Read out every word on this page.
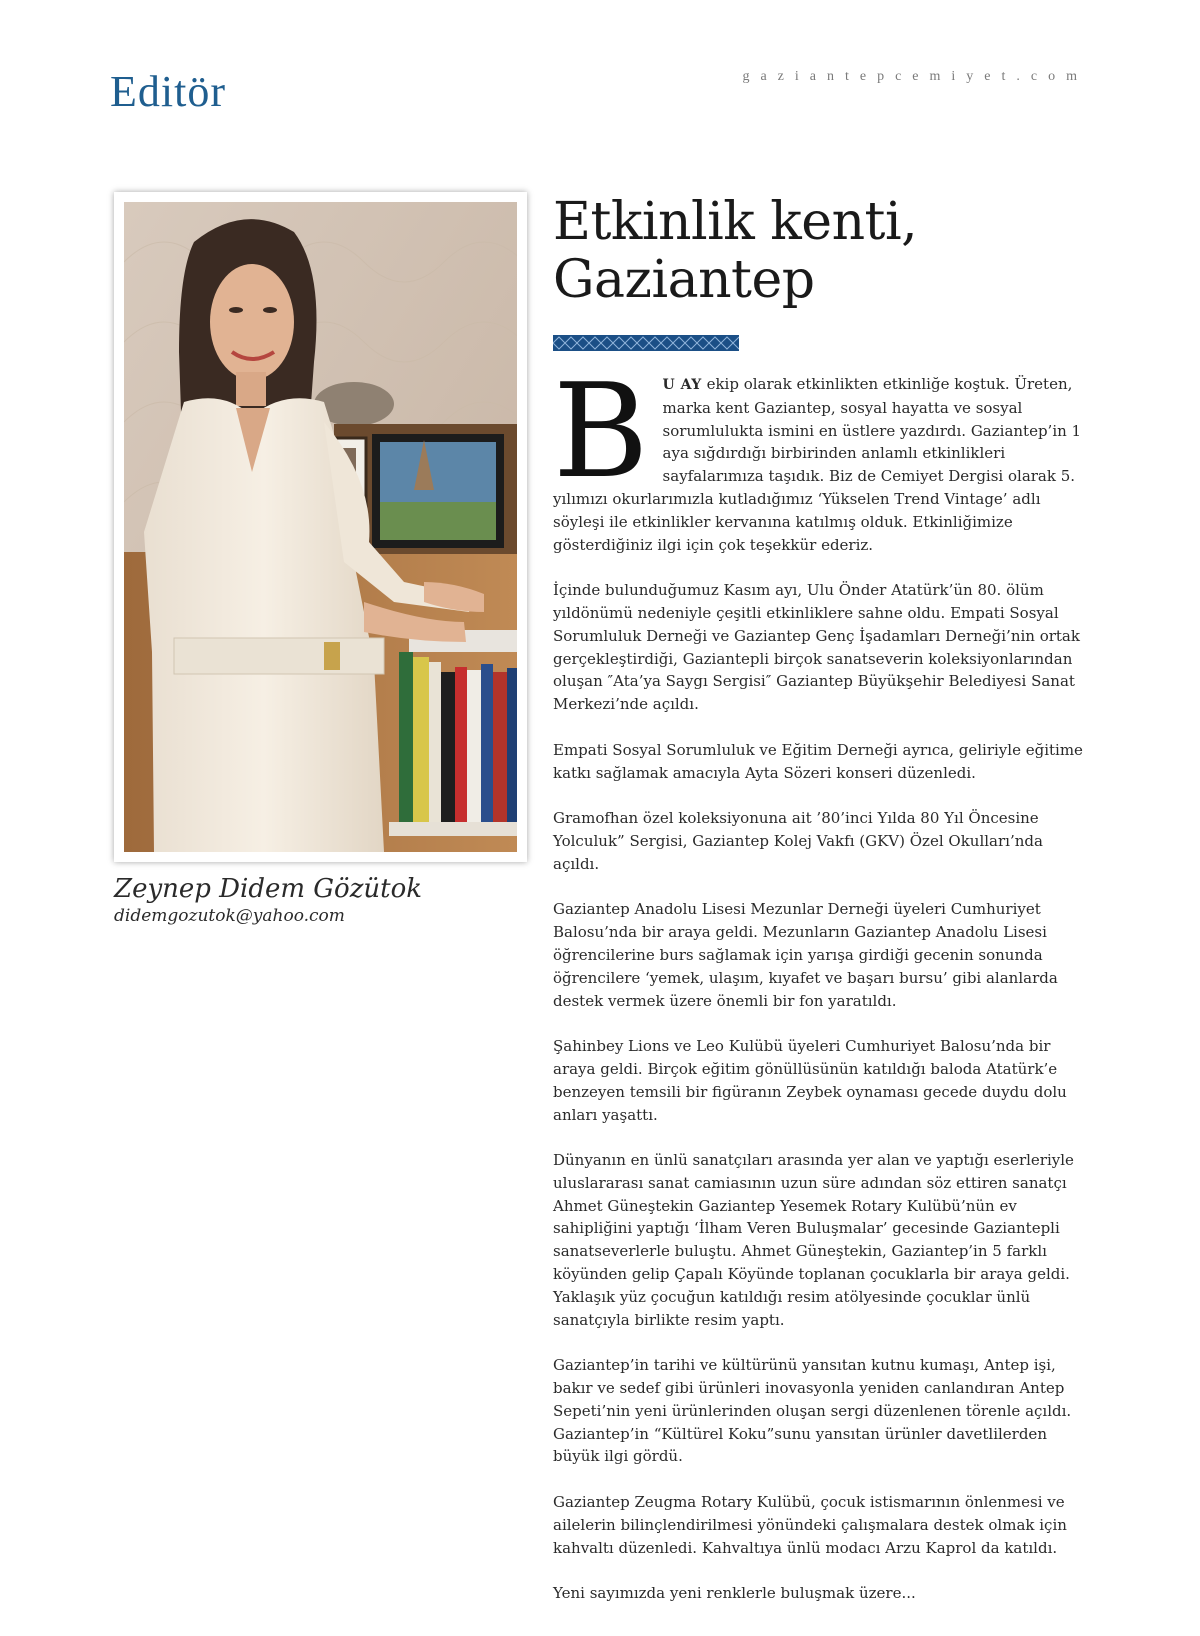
Editör	gaziantepcemiyet.com
Zeynep Didem Gözütok
didemgozutok@yahoo.com
Etkinlik kenti, Gaziantep

B U AY ekip olarak etkinlikten etkinliğe koştuk. Üreten, marka kent Gaziantep, sosyal hayatta ve sosyal sorumlulukta ismini en üstlere yazdırdı. Gaziantep’in 1 aya sığdırdığı birbirinden anlamlı etkinlikleri sayfalarımıza taşıdık. Biz de Cemiyet Dergisi olarak 5. yılımızı okurlarımızla kutladığımız ‘Yükselen Trend Vintage’ adlı söyleşi ile etkinlikler kervanına katılmış olduk. Etkinliğimize gösterdiğiniz ilgi için çok teşekkür ederiz.

İçinde bulunduğumuz Kasım ayı, Ulu Önder Atatürk’ün 80. ölüm yıldönümü nedeniyle çeşitli etkinliklere sahne oldu. Empati Sosyal Sorumluluk Derneği ve Gaziantep Genç İşadamları Derneği’nin ortak gerçekleştirdiği, Gaziantepli birçok sanatseverin koleksiyonlarından oluşan ″Ata’ya Saygı Sergisi″ Gaziantep Büyükşehir Belediyesi Sanat Merkezi’nde açıldı.

Empati Sosyal Sorumluluk ve Eğitim Derneği ayrıca, geliriyle eğitime katkı sağlamak amacıyla Ayta Sözeri konseri düzenledi.

Gramofhan özel koleksiyonuna ait ’80’inci Yılda 80 Yıl Öncesine Yolculuk” Sergisi, Gaziantep Kolej Vakfı (GKV) Özel Okulları’nda açıldı.

Gaziantep Anadolu Lisesi Mezunlar Derneği üyeleri Cumhuriyet Balosu’nda bir araya geldi. Mezunların Gaziantep Anadolu Lisesi öğrencilerine burs sağlamak için yarışa girdiği gecenin sonunda öğrencilere ‘yemek, ulaşım, kıyafet ve başarı bursu’ gibi alanlarda destek vermek üzere önemli bir fon yaratıldı.

Şahinbey Lions ve Leo Kulübü üyeleri Cumhuriyet Balosu’nda bir araya geldi. Birçok eğitim gönüllüsünün katıldığı baloda Atatürk’e benzeyen temsili bir figüranın Zeybek oynaması gecede duydu dolu anları yaşattı.

Dünyanın en ünlü sanatçıları arasında yer alan ve yaptığı eserleriyle uluslararası sanat camiasının uzun süre adından söz ettiren sanatçı Ahmet Güneştekin Gaziantep Yesemek Rotary Kulübü’nün ev sahipliğini yaptığı ‘İlham Veren Buluşmalar’ gecesinde Gaziantepli sanatseverlerle buluştu. Ahmet Güneştekin, Gaziantep’in 5 farklı köyünden gelip Çapalı Köyünde toplanan çocuklarla bir araya geldi. Yaklaşık yüz çocuğun katıldığı resim atölyesinde çocuklar ünlü sanatçıyla birlikte resim yaptı.

Gaziantep’in tarihi ve kültürünü yansıtan kutnu kumaşı, Antep işi, bakır ve sedef gibi ürünleri inovasyonla yeniden canlandıran Antep Sepeti’nin yeni ürünlerinden oluşan sergi düzenlenen törenle açıldı. Gaziantep’in “Kültürel Koku”sunu yansıtan ürünler davetlilerden büyük ilgi gördü.

Gaziantep Zeugma Rotary Kulübü, çocuk istismarının önlenmesi ve ailelerin bilinçlendirilmesi yönündeki çalışmalara destek olmak için kahvaltı düzenledi. Kahvaltıya ünlü modacı Arzu Kaprol da katıldı.

Yeni sayımızda yeni renklerle buluşmak üzere...
